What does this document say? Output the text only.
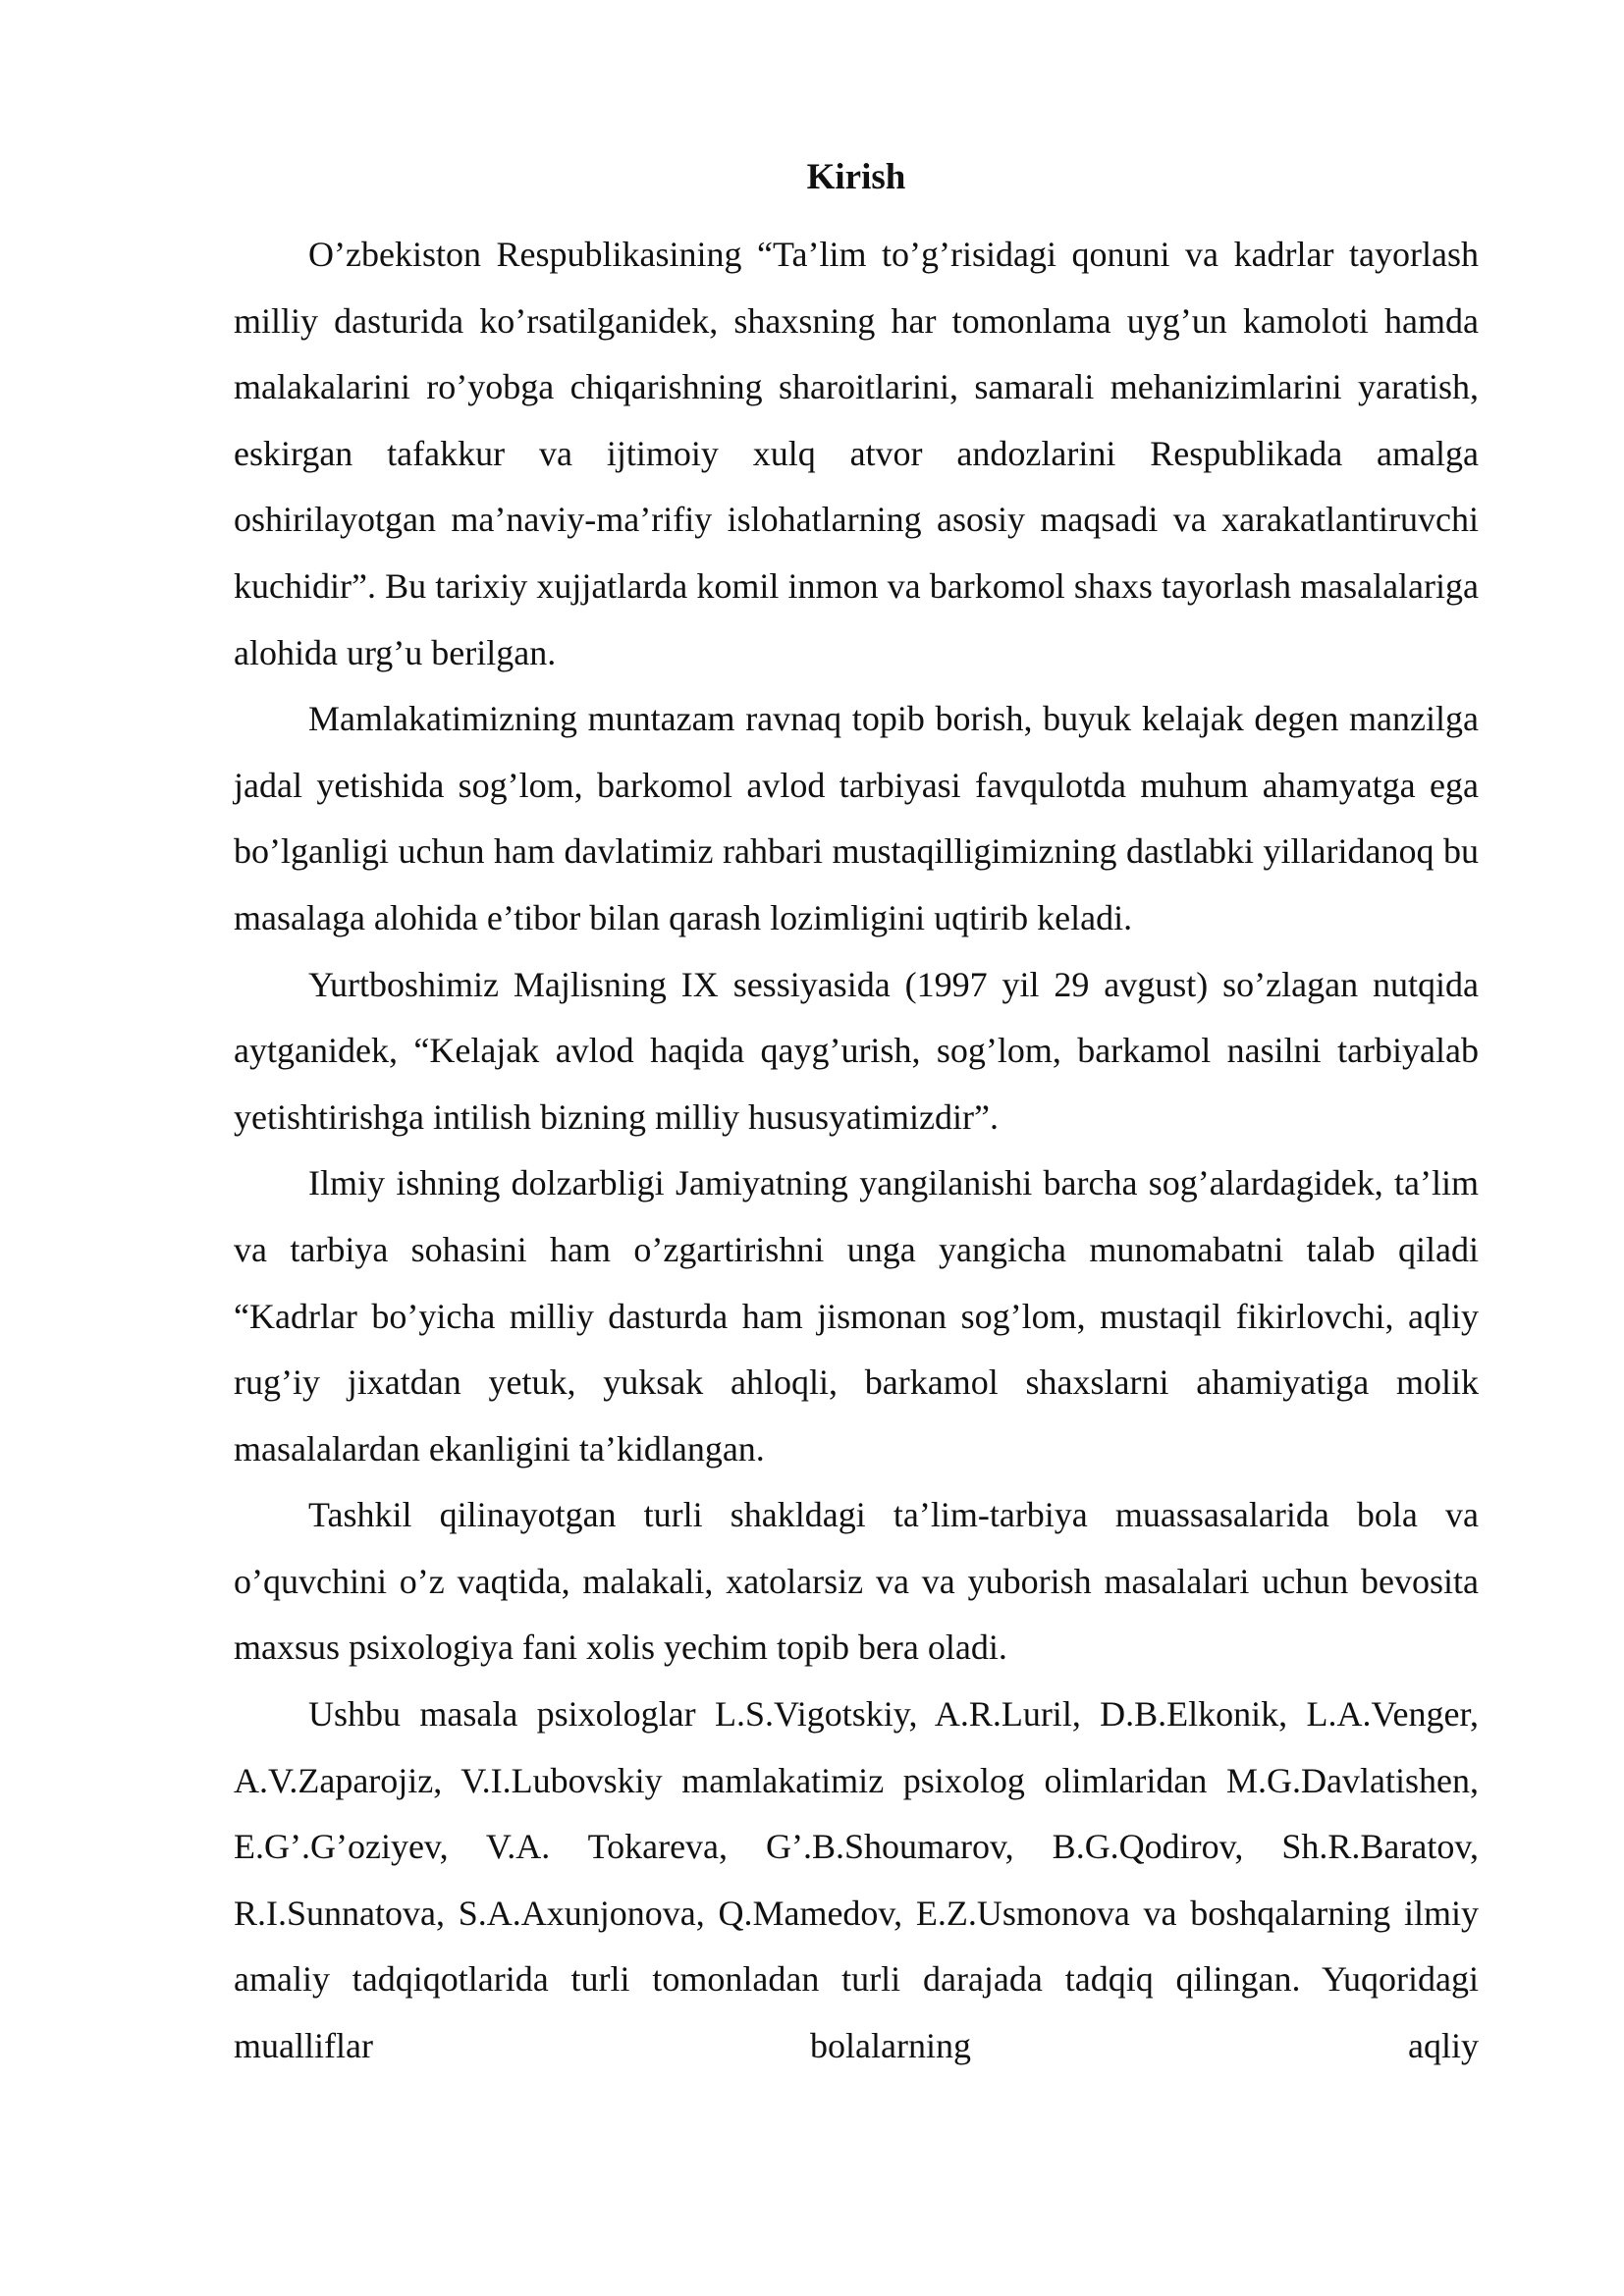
Kirish

O’zbekiston Respublikasining “Ta’lim to’g’risidagi qonuni va kadrlar tayorlash milliy dasturida ko’rsatilganidek, shaxsning har tomonlama uyg’un kamoloti hamda malakalarini ro’yobga chiqarishning sharoitlarini, samarali mehanizimlarini yaratish, eskirgan tafakkur va ijtimoiy xulq atvor andozlarini Respublikada amalga oshirilayotgan ma’naviy-ma’rifiy islohatlarning asosiy maqsadi va xarakatlantiruvchi kuchidir”. Bu tarixiy xujjatlarda komil inmon va barkomol shaxs tayorlash masalalariga alohida urg’u berilgan.

Mamlakatimizning muntazam ravnaq topib borish, buyuk kelajak degen manzilga jadal yetishida sog’lom, barkomol avlod tarbiyasi favqulotda muhum ahamyatga ega bo’lganligi uchun ham davlatimiz rahbari mustaqilligimizning dastlabki yillaridanoq bu masalaga alohida e’tibor bilan qarash lozimligini uqtirib keladi.

Yurtboshimiz Majlisning IX sessiyasida (1997 yil 29 avgust) so’zlagan nutqida aytganidek, “Kelajak avlod haqida qayg’urish, sog’lom, barkamol nasilni tarbiyalab yetishtirishga intilish bizning milliy hususyatimizdir”.

Ilmiy ishning dolzarbligi Jamiyatning yangilanishi barcha sog’alardagidek, ta’lim va tarbiya sohasini ham o’zgartirishni unga yangicha munomabatni talab qiladi “Kadrlar bo’yicha milliy dasturda ham jismonan sog’lom, mustaqil fikirlovchi, aqliy rug’iy jixatdan yetuk, yuksak ahloqli, barkamol shaxslarni ahamiyatiga molik masalalardan ekanligini ta’kidlangan.

Tashkil qilinayotgan turli shakldagi ta’lim-tarbiya muassasalarida bola va o’quvchini o’z vaqtida, malakali, xatolarsiz va va yuborish masalalari uchun bevosita maxsus psixologiya fani xolis yechim topib bera oladi.

Ushbu masala psixologlar L.S.Vigotskiy, A.R.Luril, D.B.Elkonik, L.A.Venger, A.V.Zaparojiz, V.I.Lubovskiy mamlakatimiz psixolog olimlaridan M.G.Davlatishen, E.G’.G’oziyev, V.A. Tokareva, G’.B.Shoumarov, B.G.Qodirov, Sh.R.Baratov, R.I.Sunnatova, S.A.Axunjonova, Q.Mamedov, E.Z.Usmonova va boshqalarning ilmiy amaliy tadqiqotlarida turli tomonladan turli darajada tadqiq qilingan. Yuqoridagi mualliflar bolalarning aqliy
